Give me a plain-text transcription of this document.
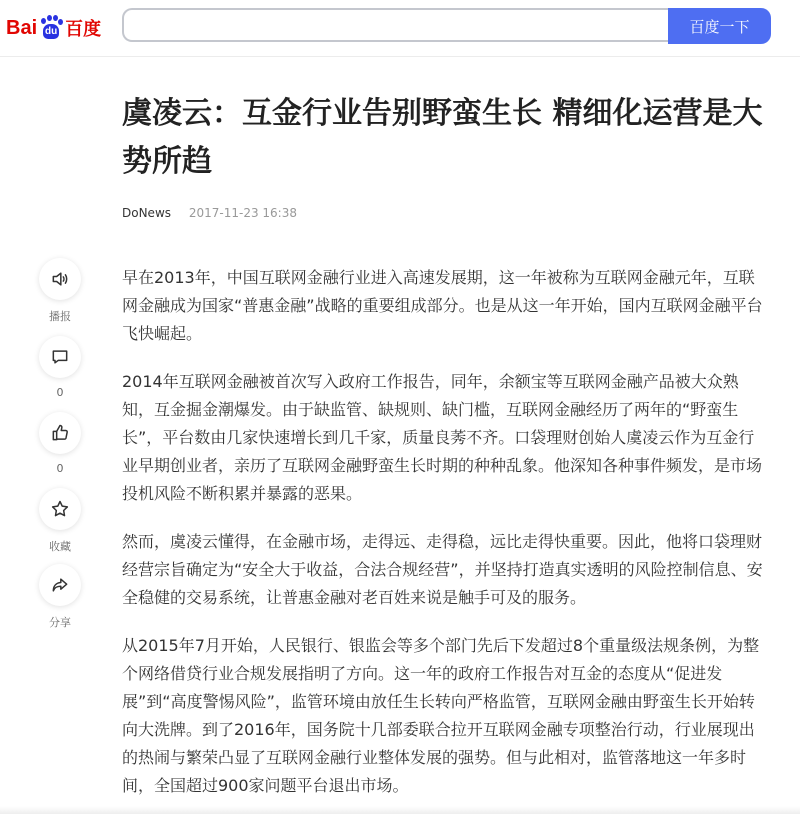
Bai du 百度	百度一下
虞凌云：互金行业告别野蛮生长 精细化运营是大势所趋
DoNews 2017-11-23 16:38

早在2013年，中国互联网金融行业进入高速发展期，这一年被称为互联网金融元年，互联网金融成为国家“普惠金融”战略的重要组成部分。也是从这一年开始，国内互联网金融平台飞快崛起。

2014年互联网金融被首次写入政府工作报告，同年，余额宝等互联网金融产品被大众熟知，互金掘金潮爆发。由于缺监管、缺规则、缺门槛，互联网金融经历了两年的“野蛮生长”，平台数由几家快速增长到几千家，质量良莠不齐。口袋理财创始人虞凌云作为互金行业早期创业者，亲历了互联网金融野蛮生长时期的种种乱象。他深知各种事件频发，是市场投机风险不断积累并暴露的恶果。

然而，虞凌云懂得，在金融市场，走得远、走得稳，远比走得快重要。因此，他将口袋理财经营宗旨确定为“安全大于收益，合法合规经营”，并坚持打造真实透明的风险控制信息、安全稳健的交易系统，让普惠金融对老百姓来说是触手可及的服务。

从2015年7月开始，人民银行、银监会等多个部门先后下发超过8个重量级法规条例，为整个网络借贷行业合规发展指明了方向。这一年的政府工作报告对互金的态度从“促进发展”到“高度警惕风险”，监管环境由放任生长转向严格监管，互联网金融由野蛮生长开始转向大洗牌。到了2016年，国务院十几部委联合拉开互联网金融专项整治行动，行业展现出的热闹与繁荣凸显了互联网金融行业整体发展的强势。但与此相对，监管落地这一年多时间，全国超过900家问题平台退出市场。

播报
0
0
收藏
分享
